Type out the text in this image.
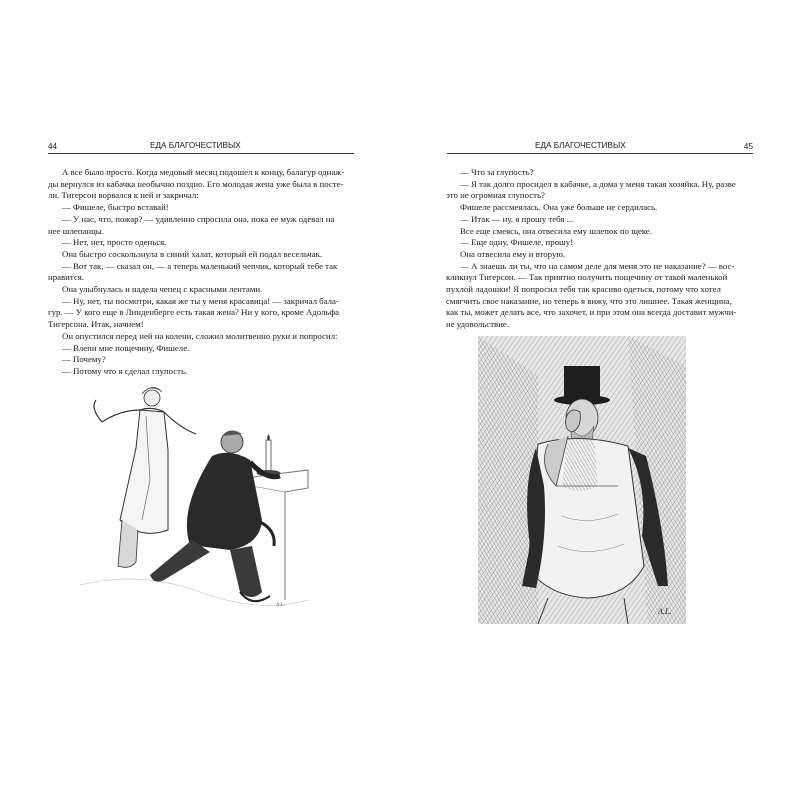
44	ЕДА БЛАГОЧЕСТИВЫХ

А все было просто. Когда медовый месяц подошел к концу, балагур однаж-

ды вернулся из кабачка необычно поздно. Его молодая жена уже была в посте-

ли. Тигерсон ворвался к ней и закричал:

— Фишеле, быстро вставай!

— У нас, что, пожар? — удивленно спросила она, пока ее муж одевал на

нее шлепанцы.

— Нет, нет, просто оденься.

Она быстро соскользнула в синий халат, который ей подал весельчак.

— Вот так, — сказал он, — а теперь маленький чепчик, который тебе так

нравится.

Она улыбнулась и надела чепец с красными лентами.

— Ну, нет, ты посмотри, какая же ты у меня красавица! — закричал бала-

гур. — У кого еще в Линденберге есть такая жена? Ни у кого, кроме Адольфа

Тигерсона. Итак, начнем!

Он опустился перед ней на колени, сложил молитвенно руки и попросил:

— Влепи мне пощечину, Фишеле.

— Почему?

— Потому что я сделал глупость.

A.L.
ЕДА БЛАГОЧЕСТИВЫХ	45

— Что за глупость?

— Я так долго просидел в кабачке, а дома у меня такая хозяйка. Ну, разве

это не огромная глупость?

Фишеле рассмеялась. Она уже больше не сердилась.

— Итак — ну, я прошу тебя ...

Все еще смеясь, она отвесила ему шлепок по щеке.

— Еще одну, Фишеле, прошу!

Она отвесила ему и вторую.

— А знаешь ли ты, что на самом деле для меня это не наказание? — вос-

кликнул Тигерсон. — Так приятно получить пощечину от такой маленькой

пухлой ладошки! Я попросил тебя так красиво одеться, потому что хотел

смягчить свое наказание, но теперь я вижу, что это лишнее. Такая женщина,

как ты, может делать все, что захочет, и при этом она всегда доставит мужчи-

не удовольствие.

A.L.
